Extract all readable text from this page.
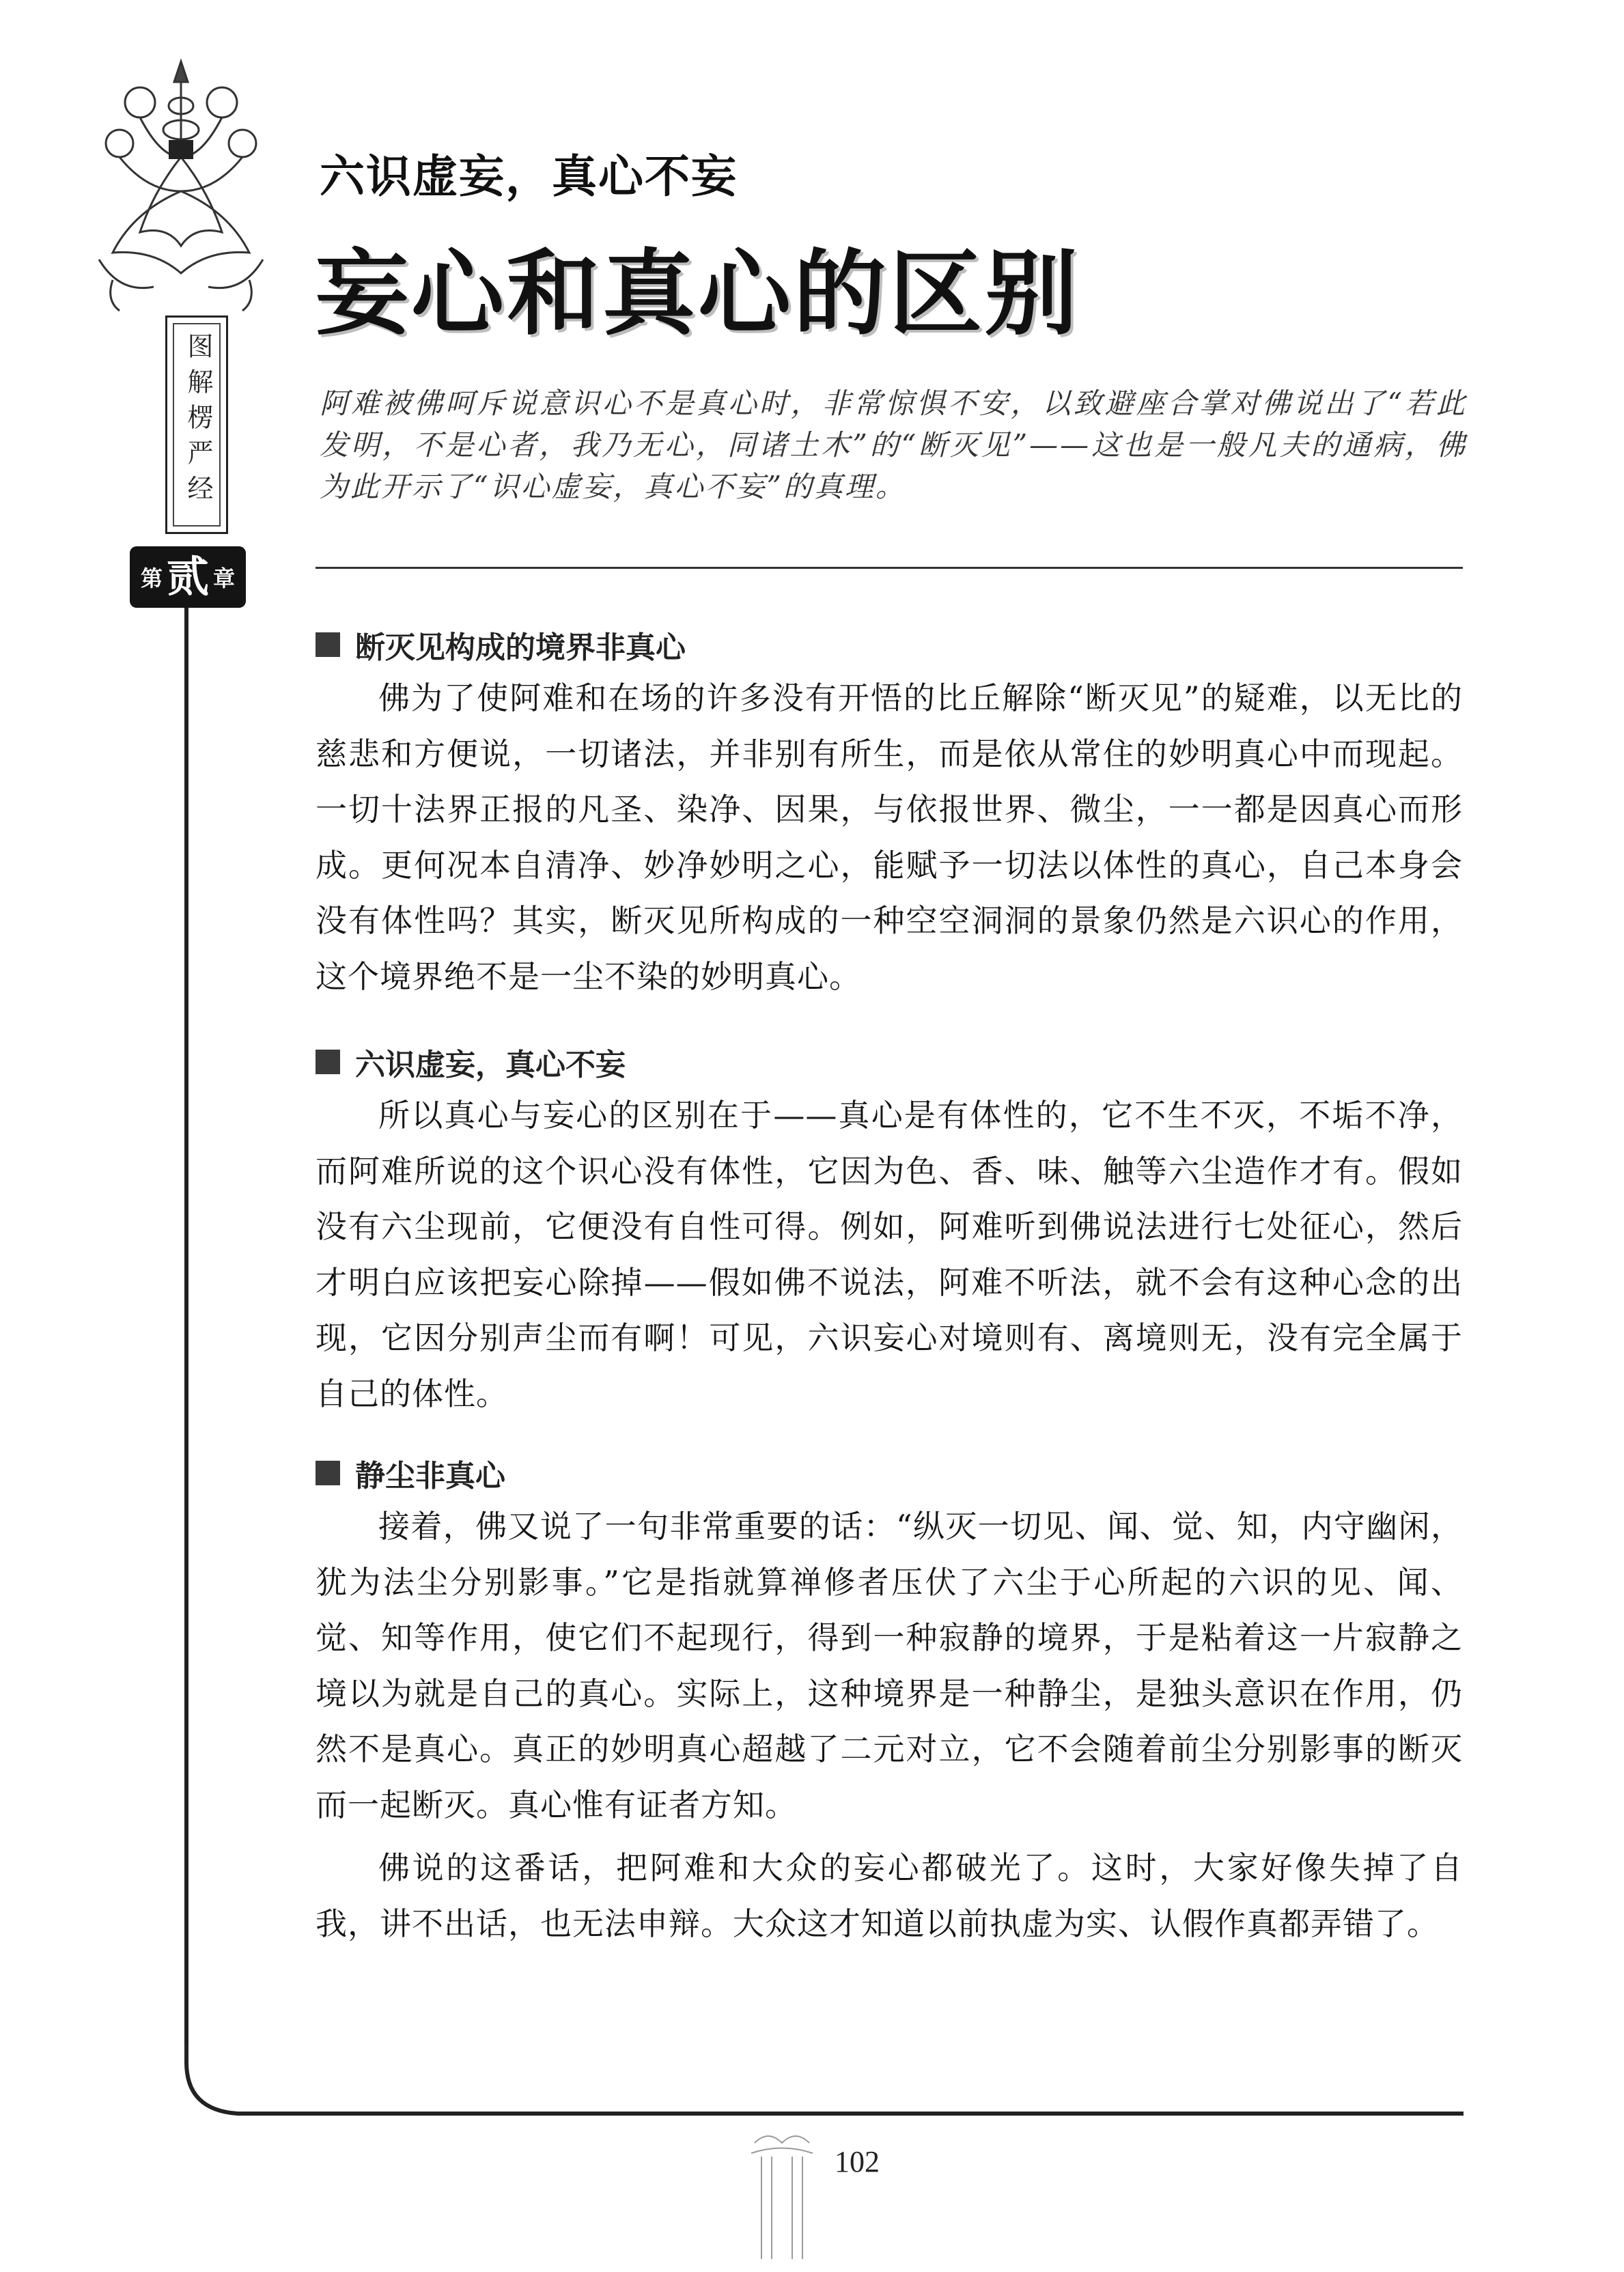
图解楞严经
第 贰 章
六识虚妄，真心不妄
妄心和真心的区别

阿难被佛呵斥说意识心不是真心时，非常惊惧不安，以致避座合掌对佛说出了“若此发明，不是心者，我乃无心，同诸土木”的“断灭见”——这也是一般凡夫的通病，佛为此开示了“识心虚妄，真心不妄”的真理。

断灭见构成的境界非真心

佛为了使阿难和在场的许多没有开悟的比丘解除“断灭见”的疑难，以无比的慈悲和方便说，一切诸法，并非别有所生，而是依从常住的妙明真心中而现起。一切十法界正报的凡圣、染净、因果，与依报世界、微尘，一一都是因真心而形成。更何况本自清净、妙净妙明之心，能赋予一切法以体性的真心，自己本身会没有体性吗？其实，断灭见所构成的一种空空洞洞的景象仍然是六识心的作用，这个境界绝不是一尘不染的妙明真心。

六识虚妄，真心不妄

所以真心与妄心的区别在于——真心是有体性的，它不生不灭，不垢不净，而阿难所说的这个识心没有体性，它因为色、香、味、触等六尘造作才有。假如没有六尘现前，它便没有自性可得。例如，阿难听到佛说法进行七处征心，然后才明白应该把妄心除掉——假如佛不说法，阿难不听法，就不会有这种心念的出现，它因分别声尘而有啊！可见，六识妄心对境则有、离境则无，没有完全属于自己的体性。

静尘非真心

接着，佛又说了一句非常重要的话：“纵灭一切见、闻、觉、知，内守幽闲，犹为法尘分别影事。”它是指就算禅修者压伏了六尘于心所起的六识的见、闻、觉、知等作用，使它们不起现行，得到一种寂静的境界，于是粘着这一片寂静之境以为就是自己的真心。实际上，这种境界是一种静尘，是独头意识在作用，仍然不是真心。真正的妙明真心超越了二元对立，它不会随着前尘分别影事的断灭而一起断灭。真心惟有证者方知。

佛说的这番话，把阿难和大众的妄心都破光了。这时，大家好像失掉了自我，讲不出话，也无法申辩。大众这才知道以前执虚为实、认假作真都弄错了。

102
